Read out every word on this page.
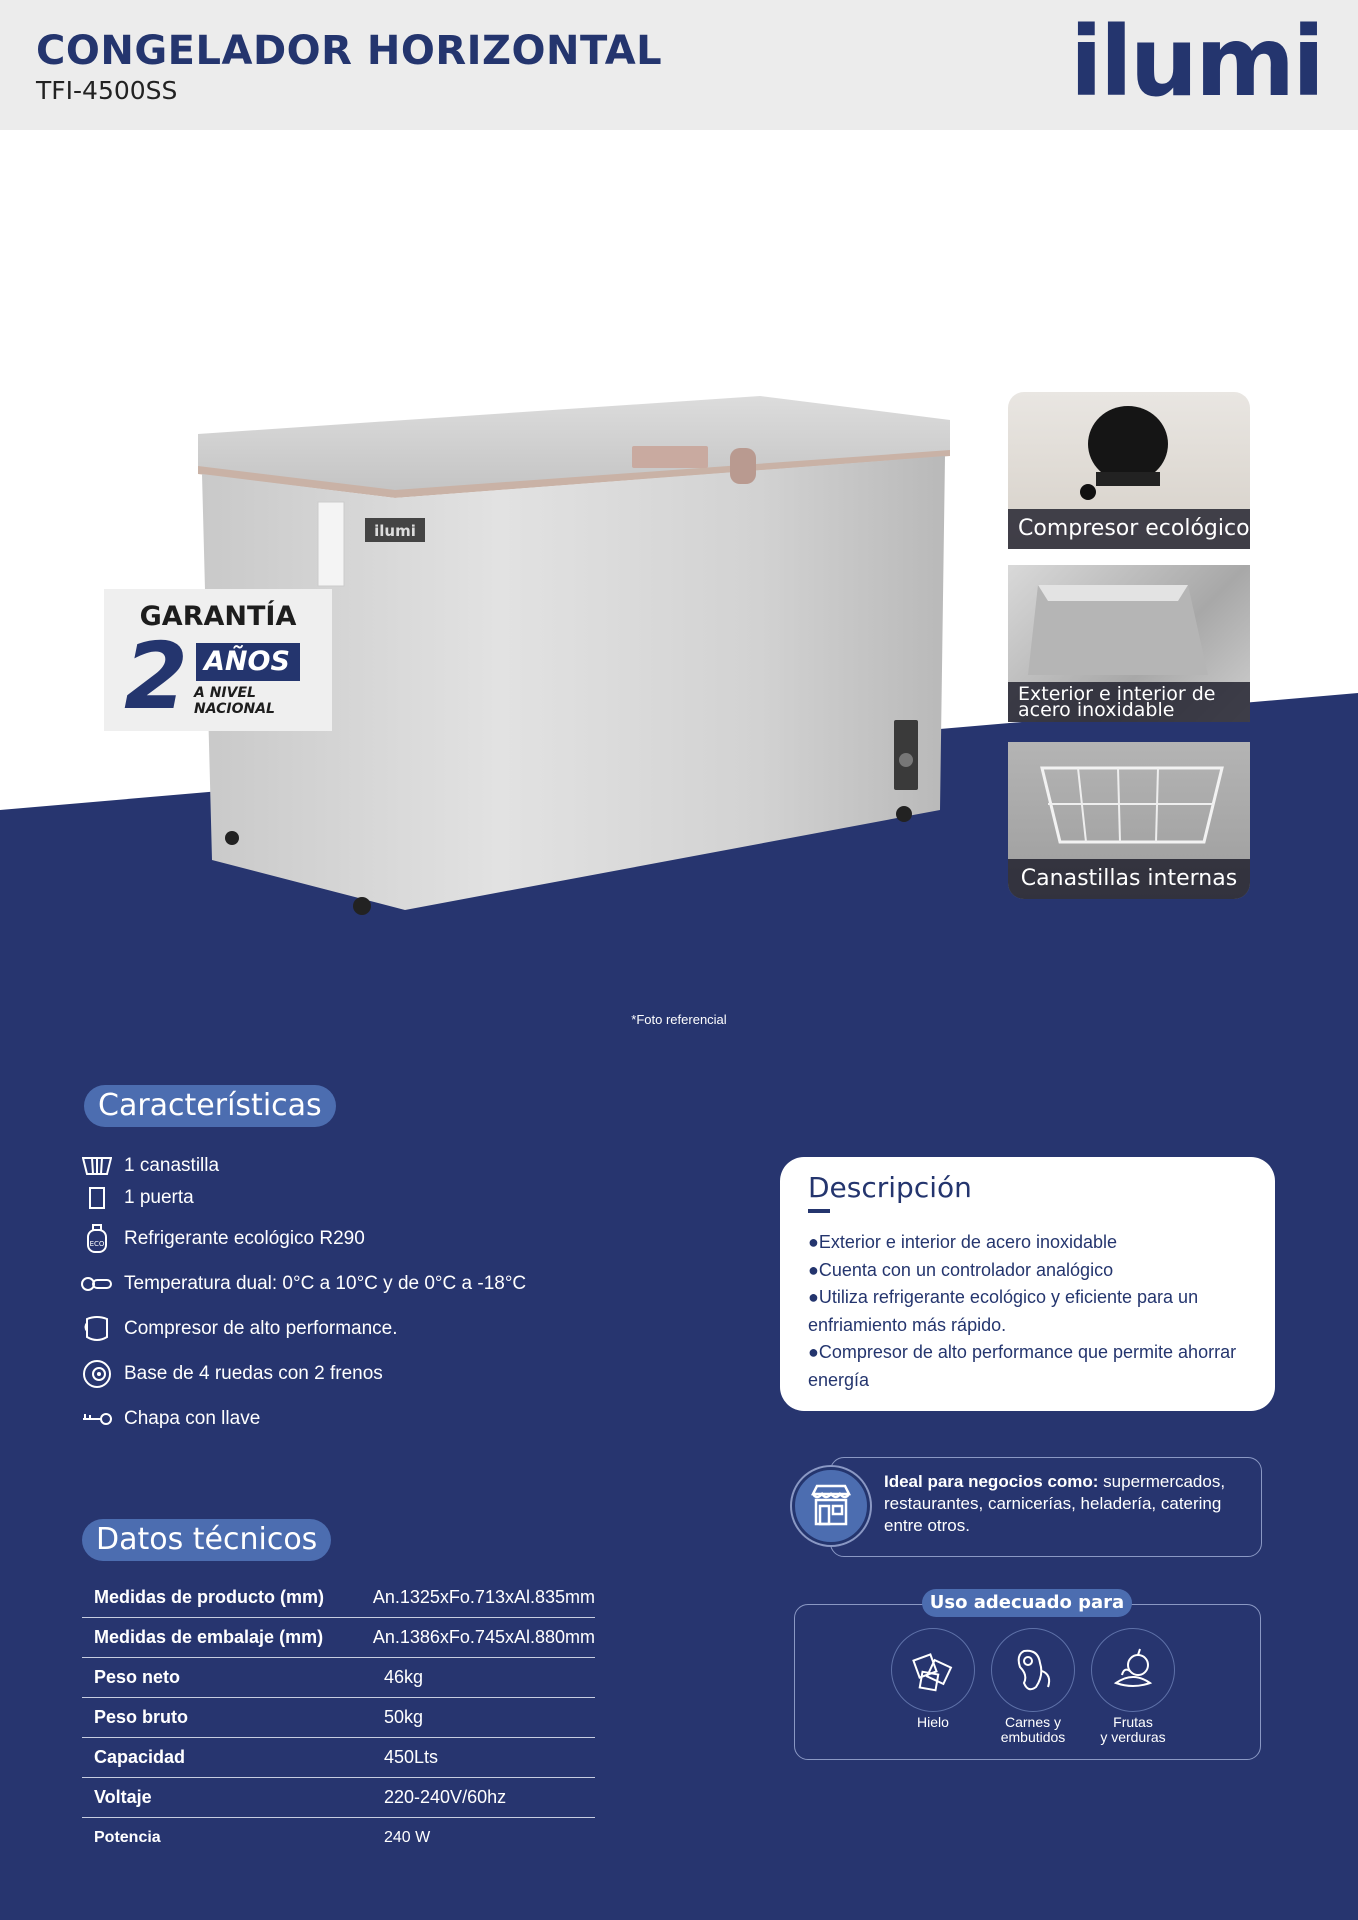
CONGELADOR HORIZONTAL
TFI-4500SS	ilumi
ilumi
GARANTÍA
2 AÑOS
A NIVEL
NACIONAL
Compresor ecológico
Exterior e interior de
acero inoxidable
Canastillas internas
*Foto referencial
Características
1 canastilla
1 puerta
ECO Refrigerante ecológico R290
Temperatura dual: 0°C a 10°C y de 0°C a -18°C
Compresor de alto performance.
Base de 4 ruedas con 2 frenos
Chapa con llave
Descripción
●Exterior e interior de acero inoxidable
●Cuenta con un controlador analógico
●Utiliza refrigerante ecológico y eficiente para un enfriamiento más rápido.
●Compresor de alto performance que permite ahorrar energía
Ideal para negocios como: supermercados, restaurantes, carnicerías, heladería, catering entre otros.
Uso adecuado para
Hielo	Carnes y
embutidos
Frutas
y verduras
Datos técnicos
Medidas de producto (mm)	An.1325xFo.713xAl.835mm
Medidas de embalaje (mm)	An.1386xFo.745xAl.880mm
Peso neto	46kg
Peso bruto	50kg
Capacidad	450Lts
Voltaje	220-240V/60hz
Potencia	240 W
